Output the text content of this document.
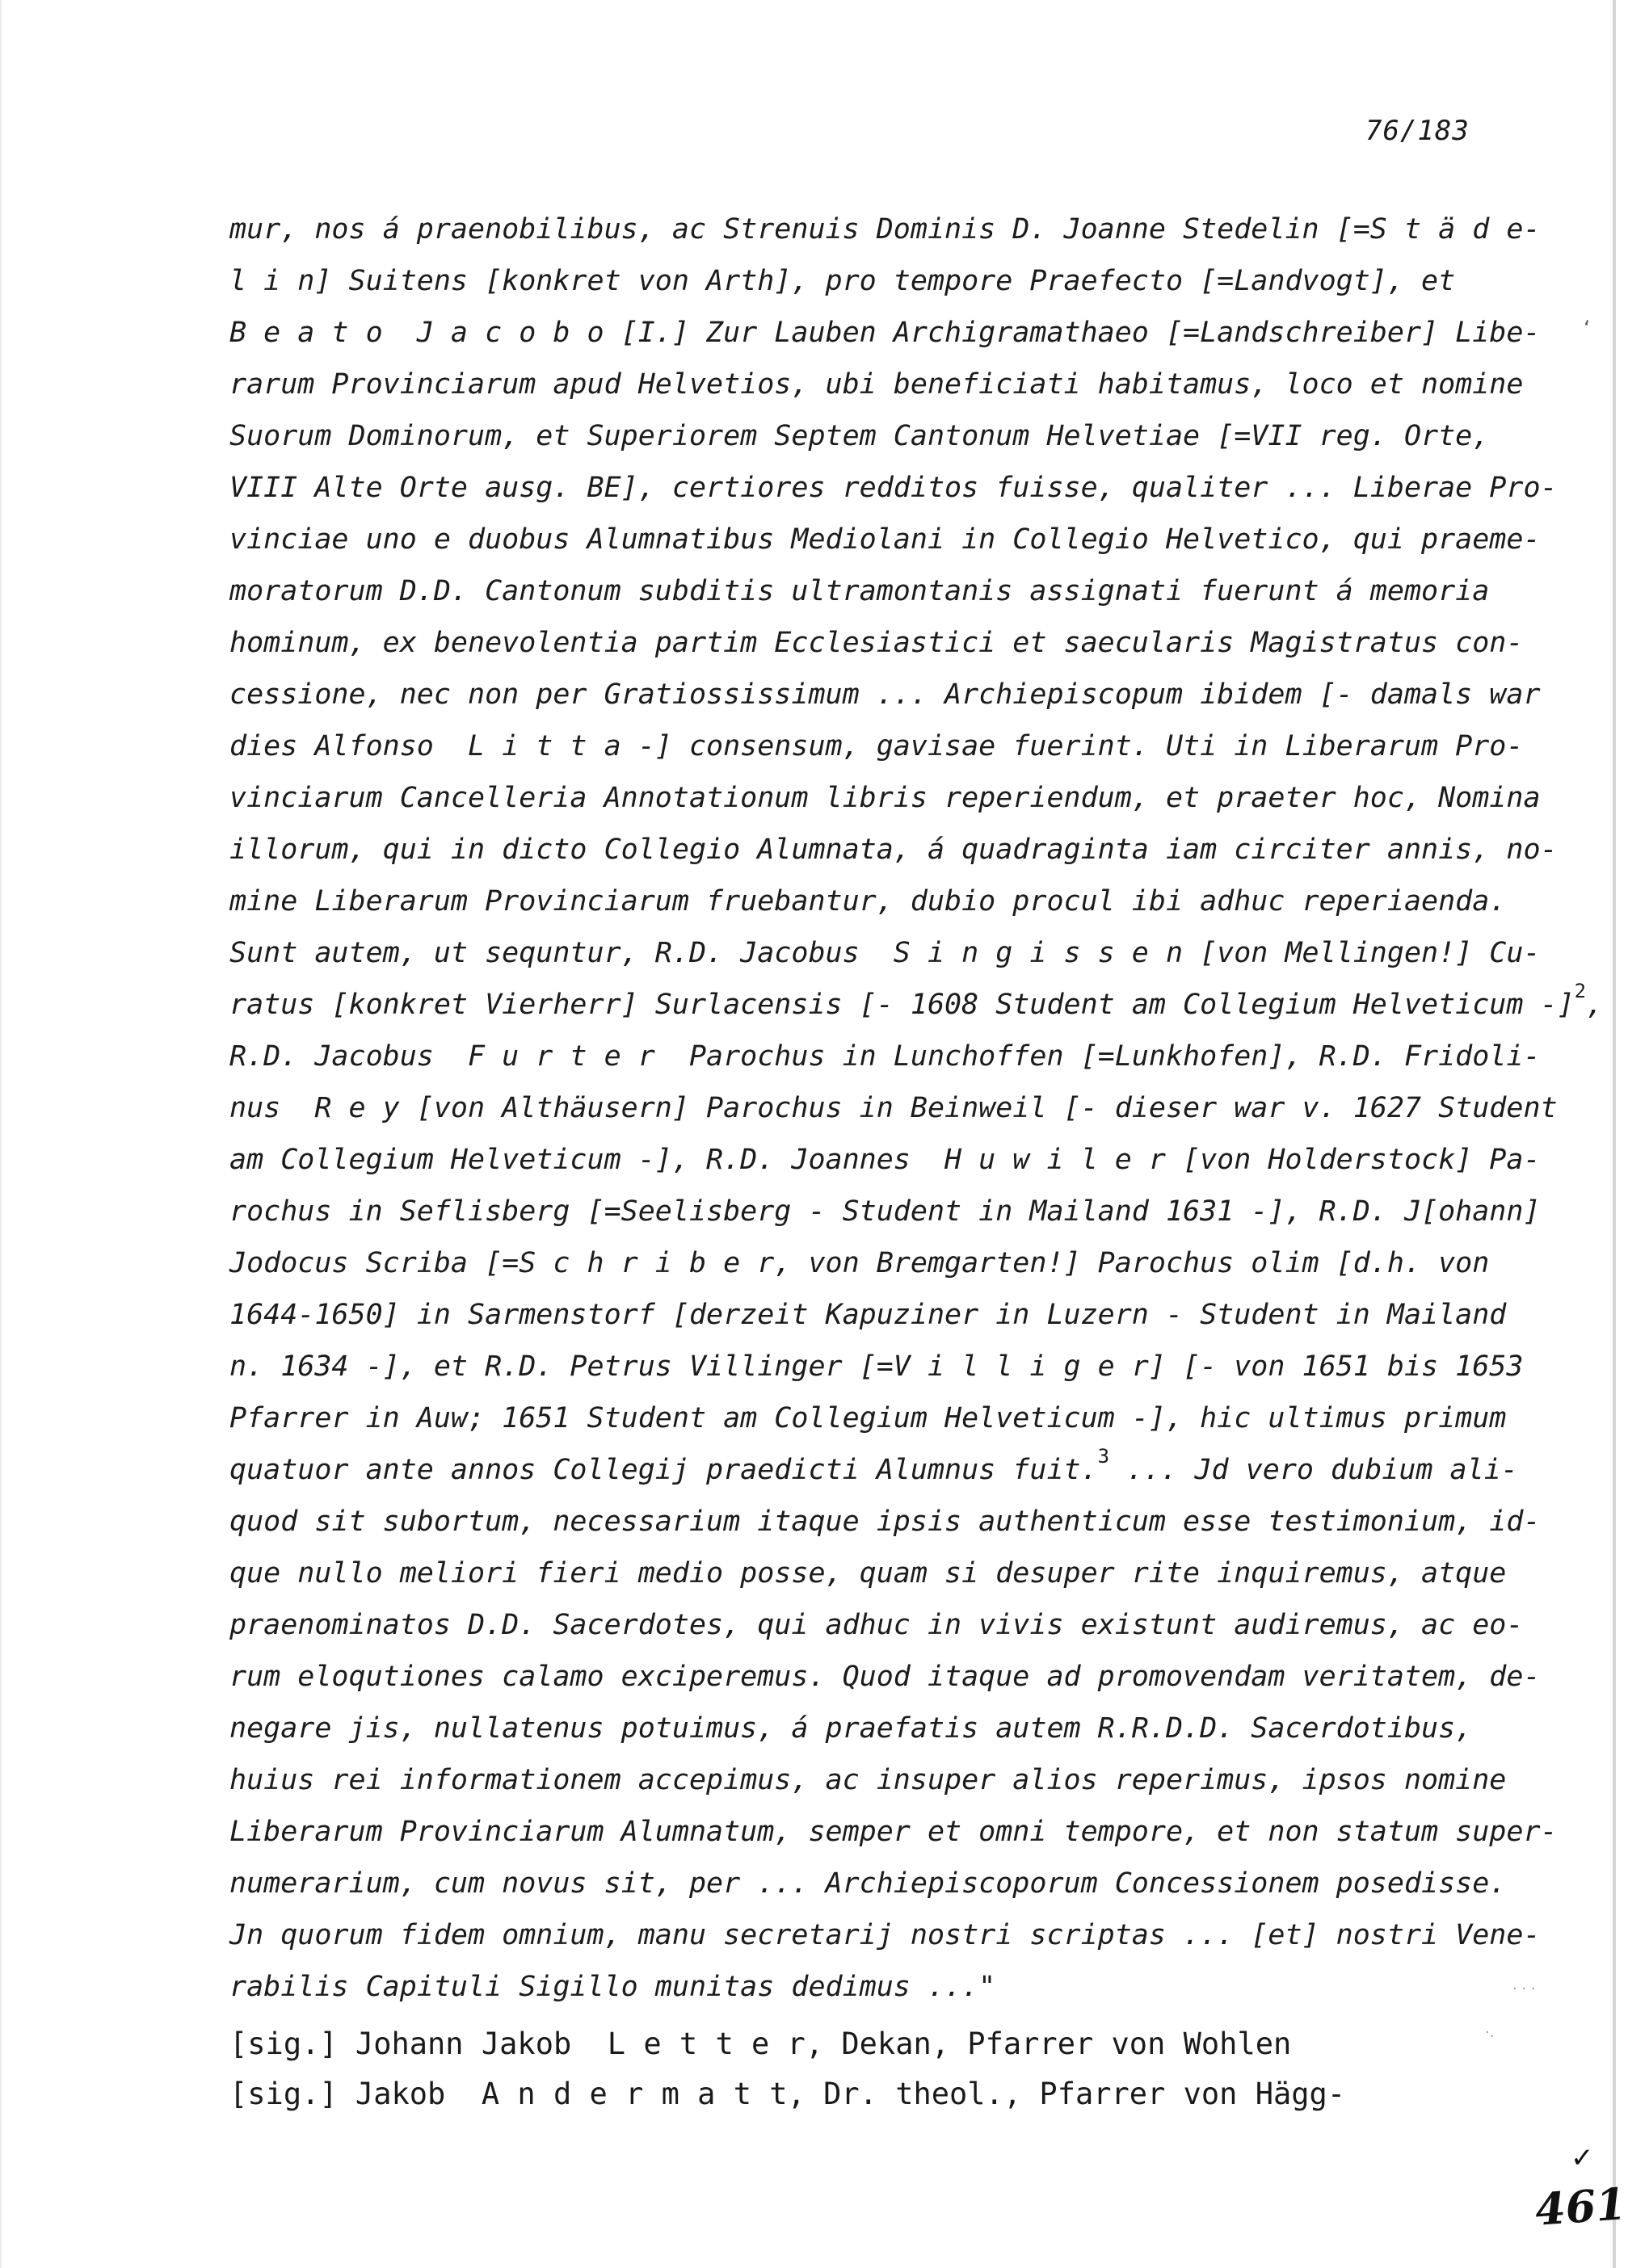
76/183
mur, nos á praenobilibus, ac Strenuis Dominis D. Joanne Stedelin [=S t ä d e-
l i n] Suitens [konkret von Arth], pro tempore Praefecto [=Landvogt], et
B e a t o  J a c o b o [I.] Zur Lauben Archigramathaeo [=Landschreiber] Libe-
rarum Provinciarum apud Helvetios, ubi beneficiati habitamus, loco et nomine
Suorum Dominorum, et Superiorem Septem Cantonum Helvetiae [=VII reg. Orte,
VIII Alte Orte ausg. BE], certiores redditos fuisse, qualiter ... Liberae Pro-
vinciae uno e duobus Alumnatibus Mediolani in Collegio Helvetico, qui praeme-
moratorum D.D. Cantonum subditis ultramontanis assignati fuerunt á memoria
hominum, ex benevolentia partim Ecclesiastici et saecularis Magistratus con-
cessione, nec non per Gratiossissimum ... Archiepiscopum ibidem [- damals war
dies Alfonso  L i t t a -] consensum, gavisae fuerint. Uti in Liberarum Pro-
vinciarum Cancelleria Annotationum libris reperiendum, et praeter hoc, Nomina
illorum, qui in dicto Collegio Alumnata, á quadraginta iam circiter annis, no-
mine Liberarum Provinciarum fruebantur, dubio procul ibi adhuc reperiaenda.
Sunt autem, ut sequntur, R.D. Jacobus  S i n g i s s e n [von Mellingen!] Cu-
ratus [konkret Vierherr] Surlacensis [- 1608 Student am Collegium Helveticum -]$^2$,
R.D. Jacobus  F u r t e r  Parochus in Lunchoffen [=Lunkhofen], R.D. Fridoli-
nus  R e y [von Althäusern] Parochus in Beinweil [- dieser war v. 1627 Student
am Collegium Helveticum -], R.D. Joannes  H u w i l e r [von Holderstock] Pa-
rochus in Seflisberg [=Seelisberg - Student in Mailand 1631 -], R.D. J[ohann]
Jodocus Scriba [=S c h r i b e r, von Bremgarten!] Parochus olim [d.h. von
1644-1650] in Sarmenstorf [derzeit Kapuziner in Luzern - Student in Mailand
n. 1634 -], et R.D. Petrus Villinger [=V i l l i g e r] [- von 1651 bis 1653
Pfarrer in Auw; 1651 Student am Collegium Helveticum -], hic ultimus primum
quatuor ante annos Collegij praedicti Alumnus fuit.$^3$ ... Jd vero dubium ali-
quod sit subortum, necessarium itaque ipsis authenticum esse testimonium, id-
que nullo meliori fieri medio posse, quam si desuper rite inquiremus, atque
praenominatos D.D. Sacerdotes, qui adhuc in vivis existunt audiremus, ac eo-
rum eloqutiones calamo exciperemus. Quod itaque ad promovendam veritatem, de-
negare jis, nullatenus potuimus, á praefatis autem R.R.D.D. Sacerdotibus,
huius rei informationem accepimus, ac insuper alios reperimus, ipsos nomine
Liberarum Provinciarum Alumnatum, semper et omni tempore, et non statum super-
numerarium, cum novus sit, per ... Archiepiscoporum Concessionem posedisse.
Jn quorum fidem omnium, manu secretarij nostri scriptas ... [et] nostri Vene-
rabilis Capituli Sigillo munitas dedimus ..."
[sig.] Johann Jakob  L e t t e r, Dekan, Pfarrer von Wohlen
[sig.] Jakob  A n d e r m a t t, Dr. theol., Pfarrer von Hägg-
ʻ
· · ·
·.
✓
461
